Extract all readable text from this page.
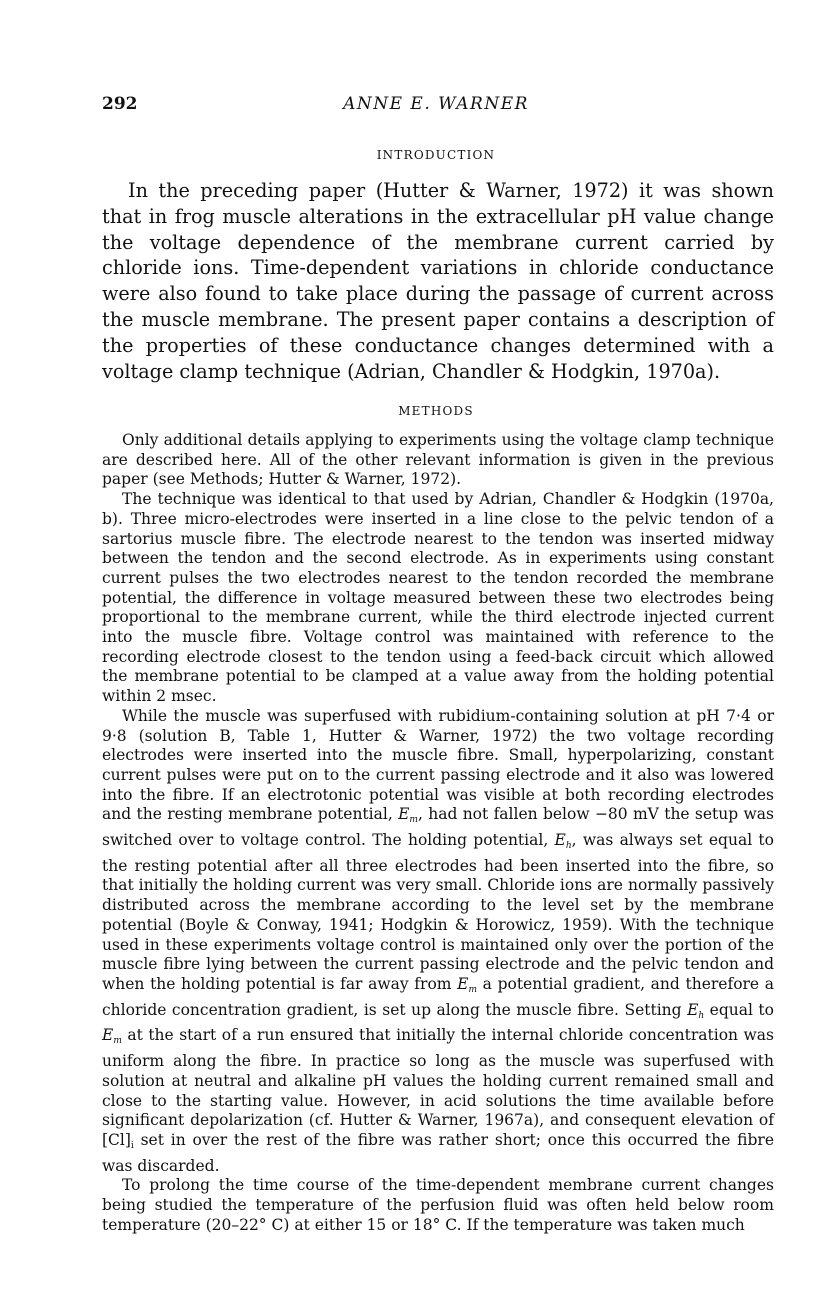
292	ANNE E. WARNER
INTRODUCTION

In the preceding paper (Hutter & Warner, 1972) it was shown that in frog muscle alterations in the extracellular pH value change the voltage dependence of the membrane current carried by chloride ions. Time-dependent variations in chloride conductance were also found to take place during the passage of current across the muscle membrane. The present paper contains a description of the properties of these conductance changes determined with a voltage clamp technique (Adrian, Chandler & Hodgkin, 1970a).

METHODS

Only additional details applying to experiments using the voltage clamp technique are described here. All of the other relevant information is given in the previous paper (see Methods; Hutter & Warner, 1972).

The technique was identical to that used by Adrian, Chandler & Hodgkin (1970a, b). Three micro-electrodes were inserted in a line close to the pelvic tendon of a sartorius muscle fibre. The electrode nearest to the tendon was inserted midway between the tendon and the second electrode. As in experiments using constant current pulses the two electrodes nearest to the tendon recorded the membrane potential, the difference in voltage measured between these two electrodes being proportional to the membrane current, while the third electrode injected current into the muscle fibre. Voltage control was maintained with reference to the recording electrode closest to the tendon using a feed-back circuit which allowed the membrane potential to be clamped at a value away from the holding potential within 2 msec.

While the muscle was superfused with rubidium-containing solution at pH 7·4 or 9·8 (solution B, Table 1, Hutter & Warner, 1972) the two voltage recording electrodes were inserted into the muscle fibre. Small, hyperpolarizing, constant current pulses were put on to the current passing electrode and it also was lowered into the fibre. If an electrotonic potential was visible at both recording electrodes and the resting membrane potential, $E_m$, had not fallen below −80 mV the setup was switched over to voltage control. The holding potential, $E_h$, was always set equal to the resting potential after all three electrodes had been inserted into the fibre, so that initially the holding current was very small. Chloride ions are normally passively distributed across the membrane according to the level set by the membrane potential (Boyle & Conway, 1941; Hodgkin & Horowicz, 1959). With the technique used in these experiments voltage control is maintained only over the portion of the muscle fibre lying between the current passing electrode and the pelvic tendon and when the holding potential is far away from $E_m$ a potential gradient, and therefore a chloride concentration gradient, is set up along the muscle fibre. Setting $E_h$ equal to $E_m$ at the start of a run ensured that initially the internal chloride concentration was uniform along the fibre. In practice so long as the muscle was superfused with solution at neutral and alkaline pH values the holding current remained small and close to the starting value. However, in acid solutions the time available before significant depolarization (cf. Hutter & Warner, 1967a), and consequent elevation of $[Cl]_i$ set in over the rest of the fibre was rather short; once this occurred the fibre was discarded.

To prolong the time course of the time-dependent membrane current changes being studied the temperature of the perfusion fluid was often held below room temperature (20–22° C) at either 15 or 18° C. If the temperature was taken much
